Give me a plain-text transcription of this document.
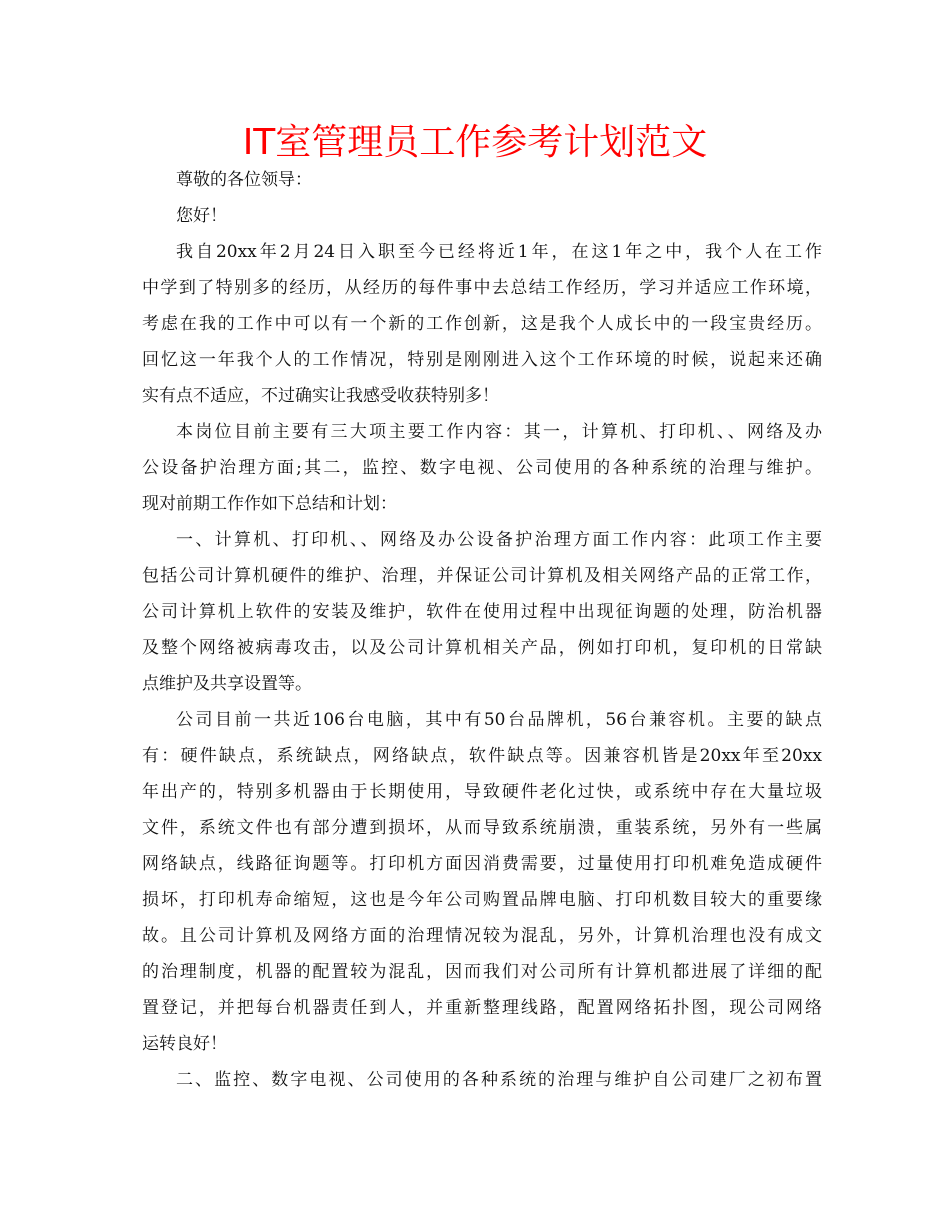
IT室管理员工作参考计划范文
尊敬的各位领导：
您好！
我自20xx年2月24日入职至今已经将近1年，在这1年之中，我个人在工作
中学到了特别多的经历，从经历的每件事中去总结工作经历，学习并适应工作环境，
考虑在我的工作中可以有一个新的工作创新，这是我个人成长中的一段宝贵经历。
回忆这一年我个人的工作情况，特别是刚刚进入这个工作环境的时候，说起来还确
实有点不适应，不过确实让我感受收获特别多！
本岗位目前主要有三大项主要工作内容：其一，计算机、打印机、、网络及办
公设备护治理方面;其二，监控、数字电视、公司使用的各种系统的治理与维护。
现对前期工作作如下总结和计划：
一、计算机、打印机、、网络及办公设备护治理方面工作内容：此项工作主要
包括公司计算机硬件的维护、治理，并保证公司计算机及相关网络产品的正常工作，
公司计算机上软件的安装及维护，软件在使用过程中出现征询题的处理，防治机器
及整个网络被病毒攻击，以及公司计算机相关产品，例如打印机，复印机的日常缺
点维护及共享设置等。
公司目前一共近106台电脑，其中有50台品牌机，56台兼容机。主要的缺点
有：硬件缺点，系统缺点，网络缺点，软件缺点等。因兼容机皆是20xx年至20xx
年出产的，特别多机器由于长期使用，导致硬件老化过快，或系统中存在大量垃圾
文件，系统文件也有部分遭到损坏，从而导致系统崩溃，重装系统，另外有一些属
网络缺点，线路征询题等。打印机方面因消费需要，过量使用打印机难免造成硬件
损坏，打印机寿命缩短，这也是今年公司购置品牌电脑、打印机数目较大的重要缘
故。且公司计算机及网络方面的治理情况较为混乱，另外，计算机治理也没有成文
的治理制度，机器的配置较为混乱，因而我们对公司所有计算机都进展了详细的配
置登记，并把每台机器责任到人，并重新整理线路，配置网络拓扑图，现公司网络
运转良好！
二、监控、数字电视、公司使用的各种系统的治理与维护自公司建厂之初布置
